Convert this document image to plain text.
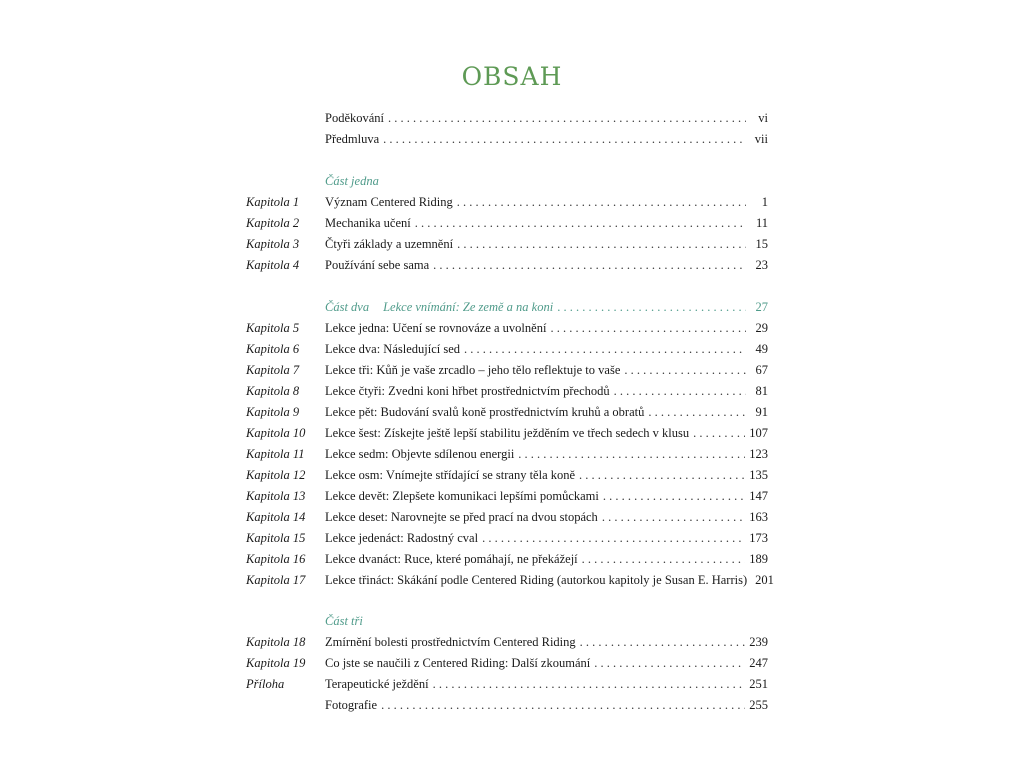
OBSAH
Poděkování . . .	vi
Předmluva . . .	vii
Část jedna
Kapitola 1 Význam Centered Riding . . .	1
Kapitola 2 Mechanika učení . . .	11
Kapitola 3 Čtyři základy a uzemnění . . .	15
Kapitola 4 Používání sebe sama . . .	23
Část dva Lekce vnímání: Ze země a na koni . . .	27
Kapitola 5 Lekce jedna: Učení se rovnováze a uvolnění . . .	29
Kapitola 6 Lekce dva: Následující sed . . .	49
Kapitola 7 Lekce tři: Kůň je vaše zrcadlo – jeho tělo reflektuje to vaše . . .	67
Kapitola 8 Lekce čtyři: Zvedni koni hřbet prostřednictvím přechodů . . .	81
Kapitola 9 Lekce pět: Budování svalů koně prostřednictvím kruhů a obratů . . .	91
Kapitola 10 Lekce šest: Získejte ještě lepší stabilitu ježděním ve třech sedech v klusu . . .	107
Kapitola 11 Lekce sedm: Objevte sdílenou energii . . .	123
Kapitola 12 Lekce osm: Vnímejte střídající se strany těla koně . . .	135
Kapitola 13 Lekce devět: Zlepšete komunikaci lepšími pomůckami . . .	147
Kapitola 14 Lekce deset: Narovnejte se před prací na dvou stopách . . .	163
Kapitola 15 Lekce jedenáct: Radostný cval . . .	173
Kapitola 16 Lekce dvanáct: Ruce, které pomáhají, ne překážejí . . .	189
Kapitola 17 Lekce třináct: Skákání podle Centered Riding (autorkou kapitoly je Susan E. Harris) 201
Část tři
Kapitola 18 Zmírnění bolesti prostřednictvím Centered Riding . . .	239
Kapitola 19 Co jste se naučili z Centered Riding: Další zkoumání . . .	247
Příloha	Terapeutické ježdění . . .	251
Fotografie . . .	255
